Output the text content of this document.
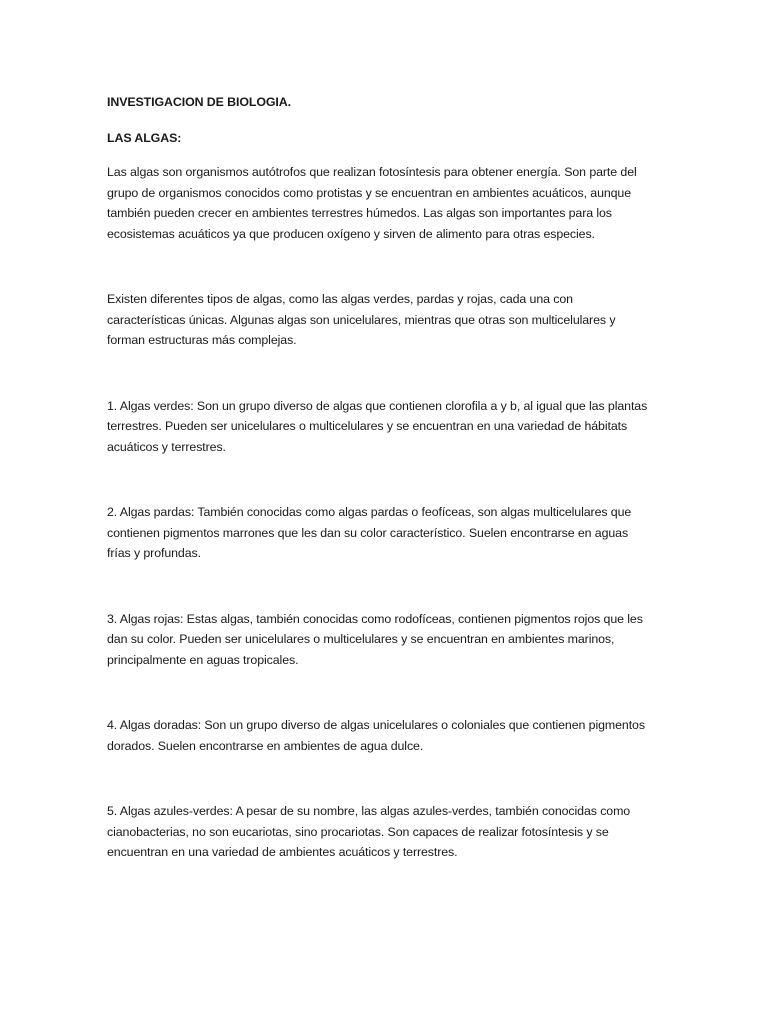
INVESTIGACION DE BIOLOGIA.

LAS ALGAS:

Las algas son organismos autótrofos que realizan fotosíntesis para obtener energía. Son parte del
grupo de organismos conocidos como protistas y se encuentran en ambientes acuáticos, aunque
también pueden crecer en ambientes terrestres húmedos. Las algas son importantes para los
ecosistemas acuáticos ya que producen oxígeno y sirven de alimento para otras especies.

Existen diferentes tipos de algas, como las algas verdes, pardas y rojas, cada una con
características únicas. Algunas algas son unicelulares, mientras que otras son multicelulares y
forman estructuras más complejas.

1. Algas verdes: Son un grupo diverso de algas que contienen clorofila a y b, al igual que las plantas
terrestres. Pueden ser unicelulares o multicelulares y se encuentran en una variedad de hábitats
acuáticos y terrestres.

2. Algas pardas: También conocidas como algas pardas o feofíceas, son algas multicelulares que
contienen pigmentos marrones que les dan su color característico. Suelen encontrarse en aguas
frías y profundas.

3. Algas rojas: Estas algas, también conocidas como rodofíceas, contienen pigmentos rojos que les
dan su color. Pueden ser unicelulares o multicelulares y se encuentran en ambientes marinos,
principalmente en aguas tropicales.

4. Algas doradas: Son un grupo diverso de algas unicelulares o coloniales que contienen pigmentos
dorados. Suelen encontrarse en ambientes de agua dulce.

5. Algas azules-verdes: A pesar de su nombre, las algas azules-verdes, también conocidas como
cianobacterias, no son eucariotas, sino procariotas. Son capaces de realizar fotosíntesis y se
encuentran en una variedad de ambientes acuáticos y terrestres.
